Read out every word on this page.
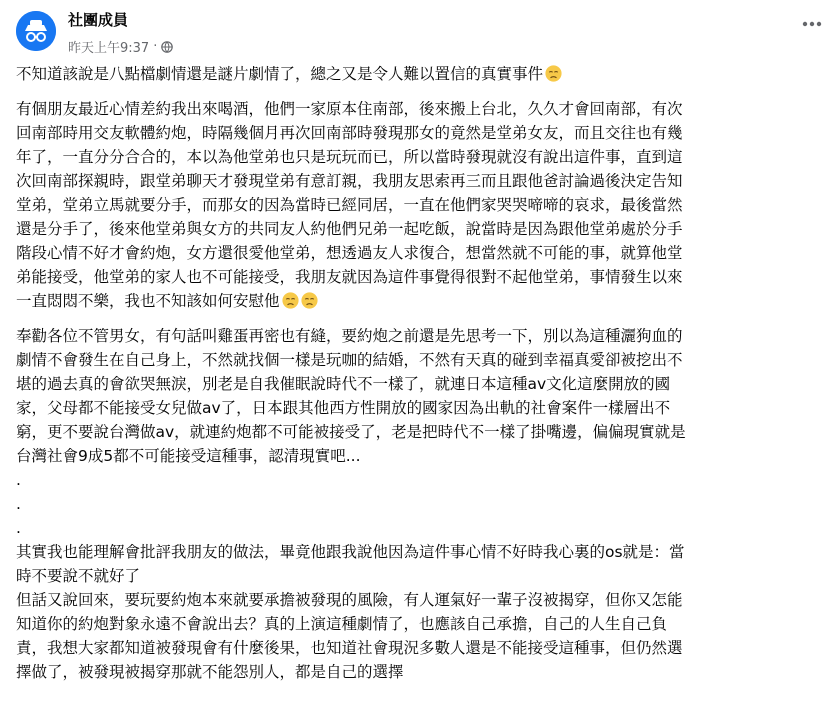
社團成員
昨天上午9:37 ·

不知道該說是八點檔劇情還是謎片劇情了，總之又是令人難以置信的真實事件

有個朋友最近心情差約我出來喝酒，他們一家原本住南部，後來搬上台北，久久才會回南部，有次
回南部時用交友軟體約炮，時隔幾個月再次回南部時發現那女的竟然是堂弟女友，而且交往也有幾
年了，一直分分合合的，本以為他堂弟也只是玩玩而已，所以當時發現就沒有說出這件事，直到這
次回南部探親時，跟堂弟聊天才發現堂弟有意訂親，我朋友思索再三而且跟他爸討論過後決定告知
堂弟，堂弟立馬就要分手，而那女的因為當時已經同居，一直在他們家哭哭啼啼的哀求，最後當然
還是分手了，後來他堂弟與女方的共同友人約他們兄弟一起吃飯，說當時是因為跟他堂弟處於分手
階段心情不好才會約炮，女方還很愛他堂弟，想透過友人求復合，想當然就不可能的事，就算他堂
弟能接受，他堂弟的家人也不可能接受，我朋友就因為這件事覺得很對不起他堂弟，事情發生以來
一直悶悶不樂，我也不知該如何安慰他
奉勸各位不管男女，有句話叫雞蛋再密也有縫，要約炮之前還是先思考一下，別以為這種灑狗血的
劇情不會發生在自己身上，不然就找個一樣是玩咖的結婚，不然有天真的碰到幸福真愛卻被挖出不
堪的過去真的會欲哭無淚，別老是自我催眠說時代不一樣了，就連日本這種av文化這麼開放的國
家，父母都不能接受女兒做av了，日本跟其他西方性開放的國家因為出軌的社會案件一樣層出不
窮，更不要說台灣做av，就連約炮都不可能被接受了，老是把時代不一樣了掛嘴邊，偏偏現實就是
台灣社會9成5都不可能接受這種事，認清現實吧...
.
.
.
其實我也能理解會批評我朋友的做法，畢竟他跟我說他因為這件事心情不好時我心裏的os就是：當
時不要說不就好了
但話又說回來，要玩要約炮本來就要承擔被發現的風險，有人運氣好一輩子沒被揭穿，但你又怎能
知道你的約炮對象永遠不會說出去？真的上演這種劇情了，也應該自己承擔，自己的人生自己負
責，我想大家都知道被發現會有什麼後果，也知道社會現況多數人還是不能接受這種事，但仍然選
擇做了，被發現被揭穿那就不能怨別人，都是自己的選擇
